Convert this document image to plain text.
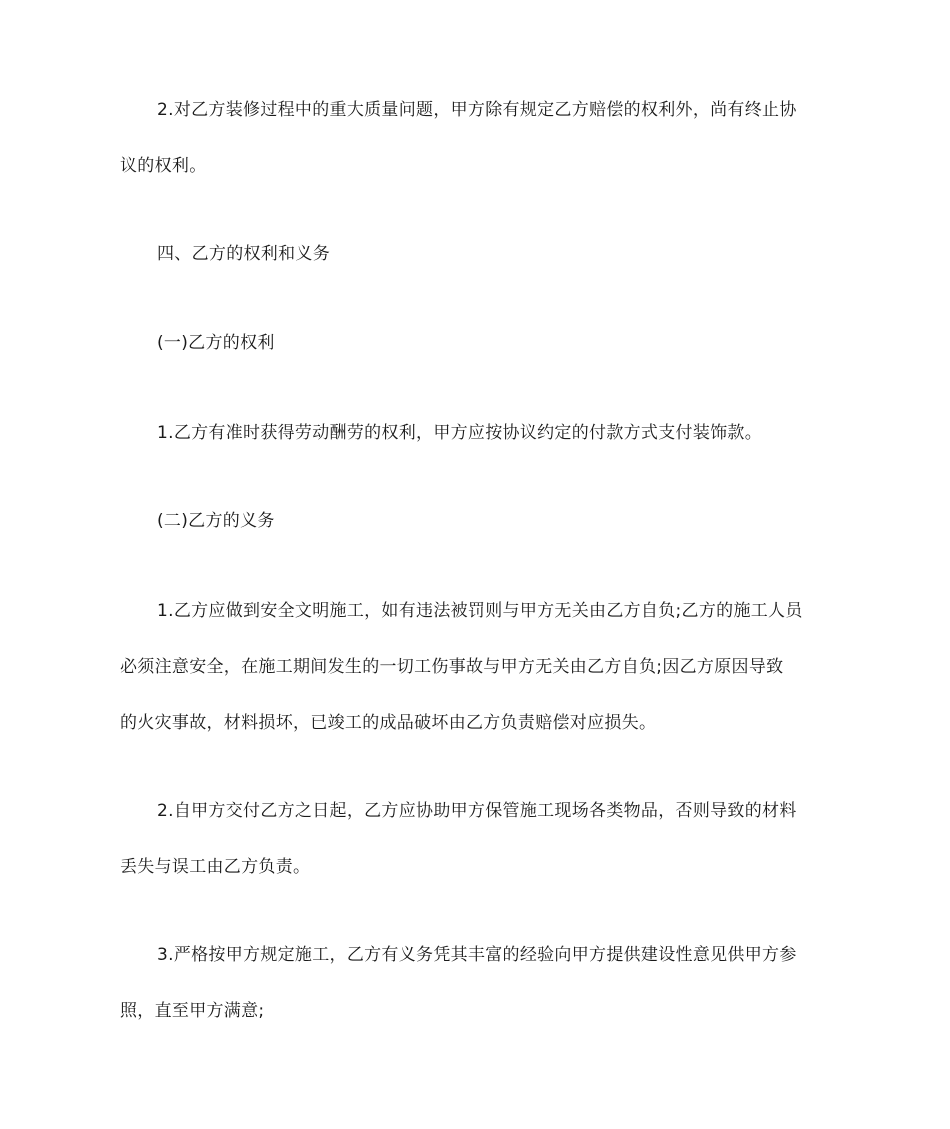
2.对乙方装修过程中的重大质量问题，甲方除有规定乙方赔偿的权利外，尚有终止协
议的权利。
四、乙方的权利和义务
(一)乙方的权利
1.乙方有准时获得劳动酬劳的权利，甲方应按协议约定的付款方式支付装饰款。
(二)乙方的义务
1.乙方应做到安全文明施工，如有违法被罚则与甲方无关由乙方自负;乙方的施工人员
必须注意安全，在施工期间发生的一切工伤事故与甲方无关由乙方自负;因乙方原因导致
的火灾事故，材料损坏，已竣工的成品破坏由乙方负责赔偿对应损失。
2.自甲方交付乙方之日起，乙方应协助甲方保管施工现场各类物品，否则导致的材料
丢失与误工由乙方负责。
3.严格按甲方规定施工，乙方有义务凭其丰富的经验向甲方提供建设性意见供甲方参
照，直至甲方满意;
